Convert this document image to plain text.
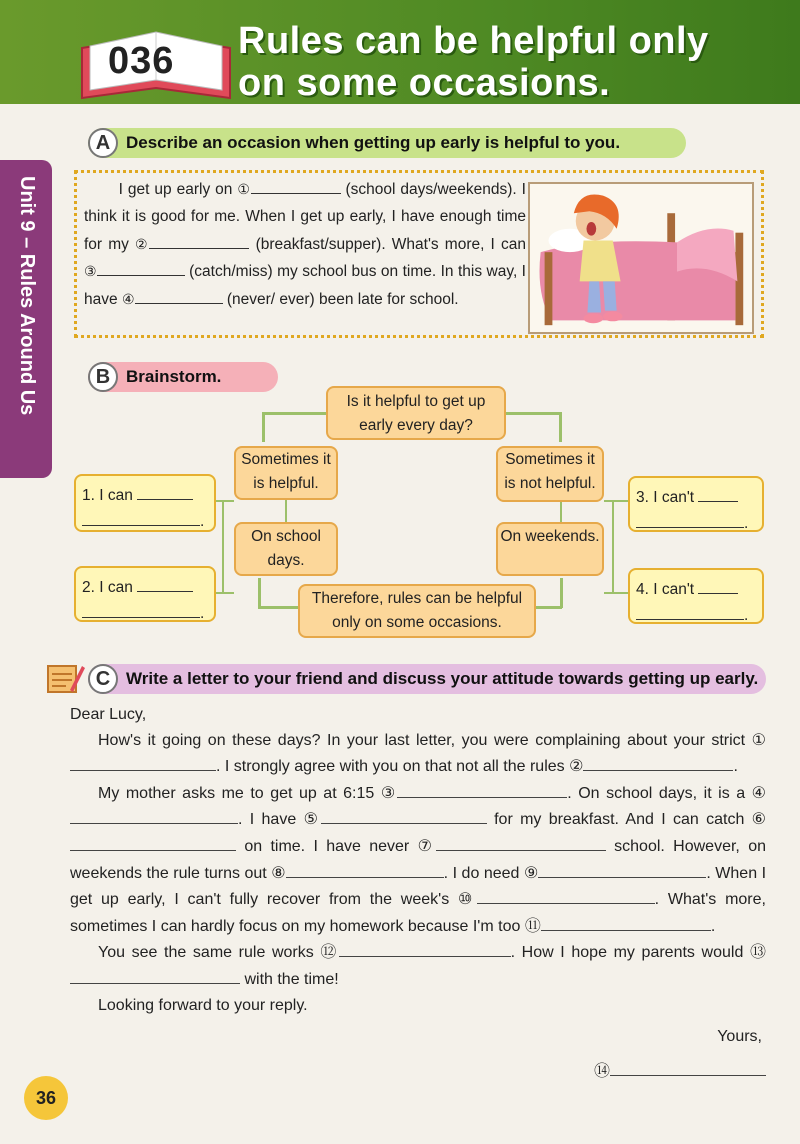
036 Rules can be helpful only
on some occasions.
Unit 9 – Rules Around Us
A Describe an occasion when getting up early is helpful to you.
I get up early on ①	(school days/weekends). I think it is good for me. When I get up early, I have enough time for my ②	(breakfast/supper). What's more, I can ③	(catch/miss) my school bus on time. In this way, I have ④	(never/ ever) been late for school.
B Brainstorm.
Is it helpful to get up early every day?
Sometimes it is helpful.
Sometimes it is not helpful.
On school days.
On weekends.
Therefore, rules can be helpful only on some occasions.
1. I can
.
2. I can
.
3. I can't
.
4. I can't
.
C Write a letter to your friend and discuss your attitude towards getting up early.

Dear Lucy,

How's it going on these days? In your last letter, you were complaining about your strict ①. I strongly agree with you on that not all the rules ②	.

My mother asks me to get up at 6:15 ③	. On school days, it is a ④. I have ⑤	for my breakfast. And I can catch ⑥ on time. I have never ⑦	school. However, on weekends the rule turns out ⑧	. I do need ⑨	. When I get up early, I can't fully recover from the week's ⑩	. What's more, sometimes I can hardly focus on my homework because I'm too ⑪	.

You see the same rule works ⑫	. How I hope my parents would ⑬ with the time!

Looking forward to your reply.

Yours,

⑭

36
